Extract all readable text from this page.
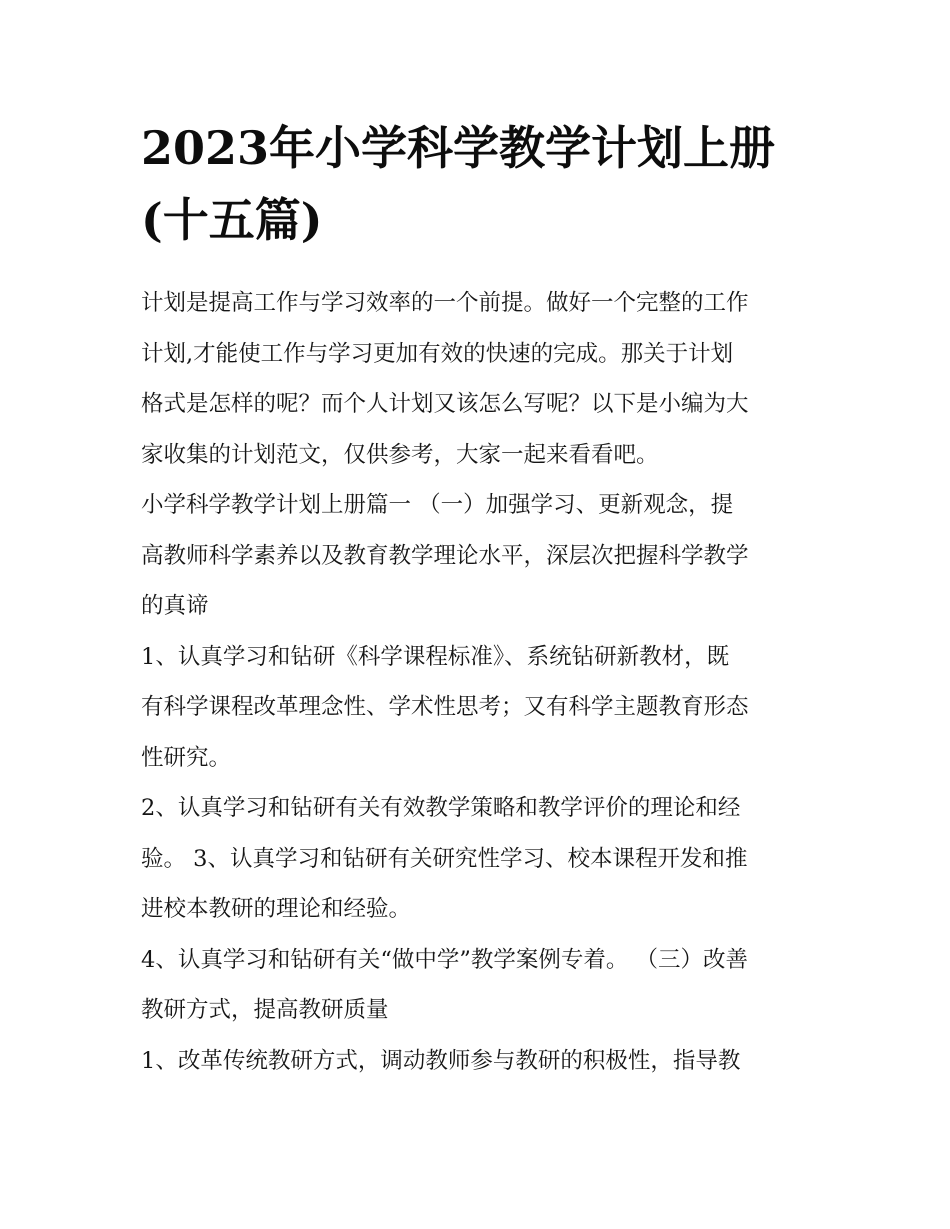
2023年小学科学教学计划上册
(十五篇)

计划是提高工作与学习效率的一个前提。做好一个完整的工作
计划,才能使工作与学习更加有效的快速的完成。那关于计划
格式是怎样的呢？而个人计划又该怎么写呢？以下是小编为大
家收集的计划范文，仅供参考，大家一起来看看吧。

小学科学教学计划上册篇一 （一）加强学习、更新观念，提
高教师科学素养以及教育教学理论水平，深层次把握科学教学
的真谛

1、认真学习和钻研《科学课程标准》、系统钻研新教材，既
有科学课程改革理念性、学术性思考；又有科学主题教育形态
性研究。

2、认真学习和钻研有关有效教学策略和教学评价的理论和经
验。 3、认真学习和钻研有关研究性学习、校本课程开发和推
进校本教研的理论和经验。

4、认真学习和钻研有关“做中学”教学案例专着。 （三）改善
教研方式，提高教研质量

1、改革传统教研方式，调动教师参与教研的积极性，指导教
